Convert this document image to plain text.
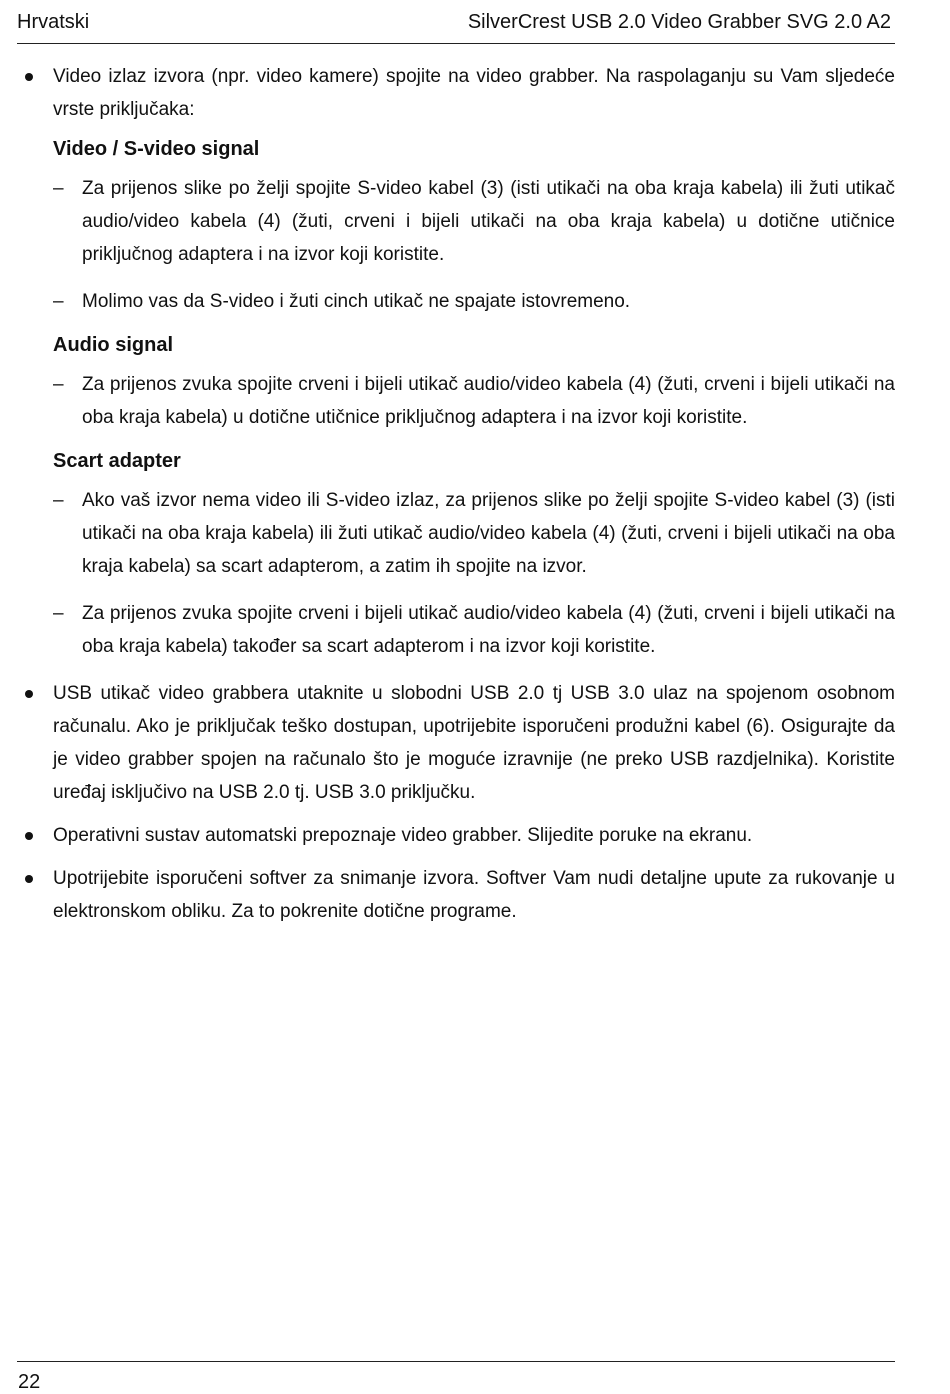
Hrvatski	SilverCrest USB 2.0 Video Grabber SVG 2.0 A2
Video izlaz izvora (npr. video kamere) spojite na video grabber. Na raspolaganju su Vam sljedeće vrste priključaka:
Video / S-video signal
– Za prijenos slike po želji spojite S-video kabel (3) (isti utikači na oba kraja kabela) ili žuti utikač audio/video kabela (4) (žuti, crveni i bijeli utikači na oba kraja kabela) u dotične utičnice priključnog adaptera i na izvor koji koristite.
– Molimo vas da S-video i žuti cinch utikač ne spajate istovremeno.
Audio signal
– Za prijenos zvuka spojite crveni i bijeli utikač audio/video kabela (4) (žuti, crveni i bijeli utikači na oba kraja kabela) u dotične utičnice priključnog adaptera i na izvor koji koristite.
Scart adapter
– Ako vaš izvor nema video ili S-video izlaz, za prijenos slike po želji spojite S-video kabel (3) (isti utikači na oba kraja kabela) ili žuti utikač audio/video kabela (4) (žuti, crveni i bijeli utikači na oba kraja kabela) sa scart adapterom, a zatim ih spojite na izvor.
– Za prijenos zvuka spojite crveni i bijeli utikač audio/video kabela (4) (žuti, crveni i bijeli utikači na oba kraja kabela) također sa scart adapterom i na izvor koji koristite.
USB utikač video grabbera utaknite u slobodni USB 2.0 tj USB 3.0 ulaz na spojenom osobnom računalu. Ako je priključak teško dostupan, upotrijebite isporučeni produžni kabel (6). Osigurajte da je video grabber spojen na računalo što je moguće izravnije (ne preko USB razdjelnika). Koristite uređaj isključivo na USB 2.0 tj. USB 3.0 priključku.
Operativni sustav automatski prepoznaje video grabber. Slijedite poruke na ekranu.
Upotrijebite isporučeni softver za snimanje izvora. Softver Vam nudi detaljne upute za rukovanje u elektronskom obliku. Za to pokrenite dotične programe.
22
